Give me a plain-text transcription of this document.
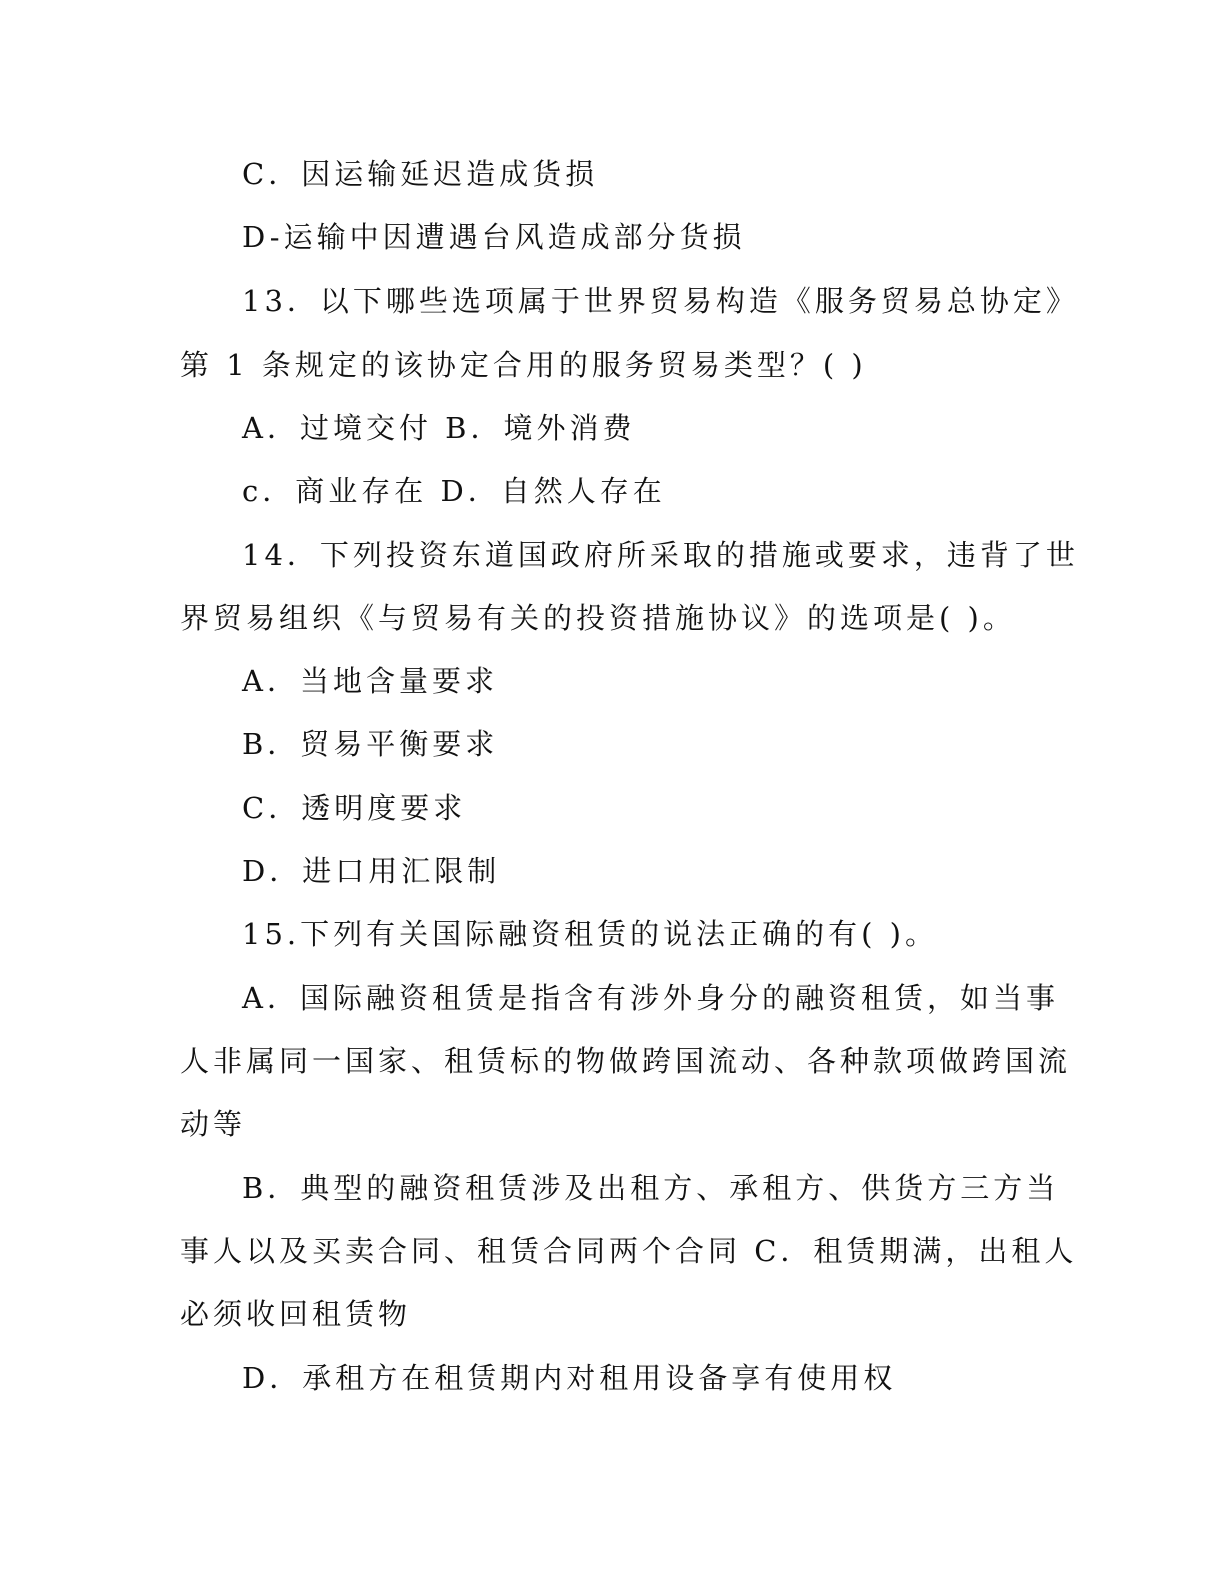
C．因运输延迟造成货损
D-运输中因遭遇台风造成部分货损
13．以下哪些选项属于世界贸易构造《服务贸易总协定》
第 1 条规定的该协定合用的服务贸易类型？( )
A．过境交付 B．境外消费
c．商业存在 D．自然人存在
14．下列投资东道国政府所采取的措施或要求，违背了世
界贸易组织《与贸易有关的投资措施协议》的选项是( )。
A．当地含量要求
B．贸易平衡要求
C．透明度要求
D．进口用汇限制
15.下列有关国际融资租赁的说法正确的有( )。
A．国际融资租赁是指含有涉外身分的融资租赁，如当事
人非属同一国家、租赁标的物做跨国流动、各种款项做跨国流
动等
B．典型的融资租赁涉及出租方、承租方、供货方三方当
事人以及买卖合同、租赁合同两个合同 C．租赁期满，出租人
必须收回租赁物
D．承租方在租赁期内对租用设备享有使用权
